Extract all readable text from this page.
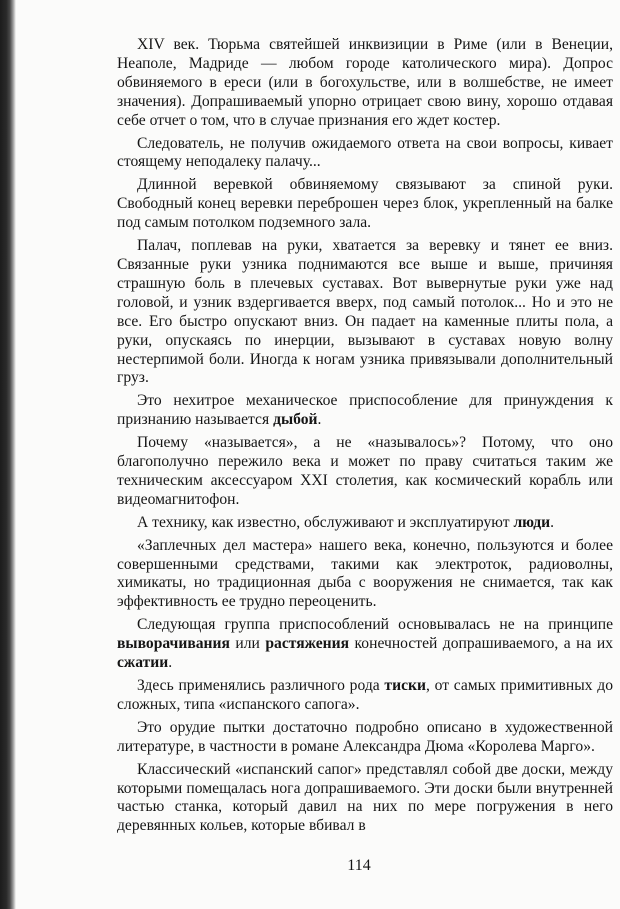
XIV век. Тюрьма святейшей инквизиции в Риме (или в Венеции, Неаполе, Мадриде — любом городе католического мира). Допрос обвиняемого в ереси (или в богохульстве, или в волшебстве, не имеет значения). Допрашиваемый упорно отрицает свою вину, хорошо отдавая себе отчет о том, что в случае признания его ждет костер.

Следователь, не получив ожидаемого ответа на свои вопросы, кивает стоящему неподалеку палачу...

Длинной веревкой обвиняемому связывают за спиной руки. Свободный конец веревки переброшен через блок, укрепленный на балке под самым потолком подземного зала.

Палач, поплевав на руки, хватается за веревку и тянет ее вниз. Связанные руки узника поднимаются все выше и выше, причиняя страшную боль в плечевых суставах. Вот вывернутые руки уже над головой, и узник вздергивается вверх, под самый потолок... Но и это не все. Его быстро опускают вниз. Он падает на каменные плиты пола, а руки, опускаясь по инерции, вызывают в суставах новую волну нестерпимой боли. Иногда к ногам узника привязывали дополнительный груз.

Это нехитрое механическое приспособление для принуждения к признанию называется дыбой.

Почему «называется», а не «называлось»? Потому, что оно благополучно пережило века и может по праву считаться таким же техническим аксессуаром XXI столетия, как космический корабль или видеомагнитофон.

А технику, как известно, обслуживают и эксплуатируют люди.

«Заплечных дел мастера» нашего века, конечно, пользуются и более совершенными средствами, такими как электроток, радиоволны, химикаты, но традиционная дыба с вооружения не снимается, так как эффективность ее трудно переоценить.

Следующая группа приспособлений основывалась не на принципе выворачивания или растяжения конечностей допрашиваемого, а на их сжатии.

Здесь применялись различного рода тиски, от самых примитивных до сложных, типа «испанского сапога».

Это орудие пытки достаточно подробно описано в художественной литературе, в частности в романе Александра Дюма «Королева Марго».

Классический «испанский сапог» представлял собой две доски, между которыми помещалась нога допрашиваемого. Эти доски были внутренней частью станка, который давил на них по мере погружения в него деревянных кольев, которые вбивал в

114
